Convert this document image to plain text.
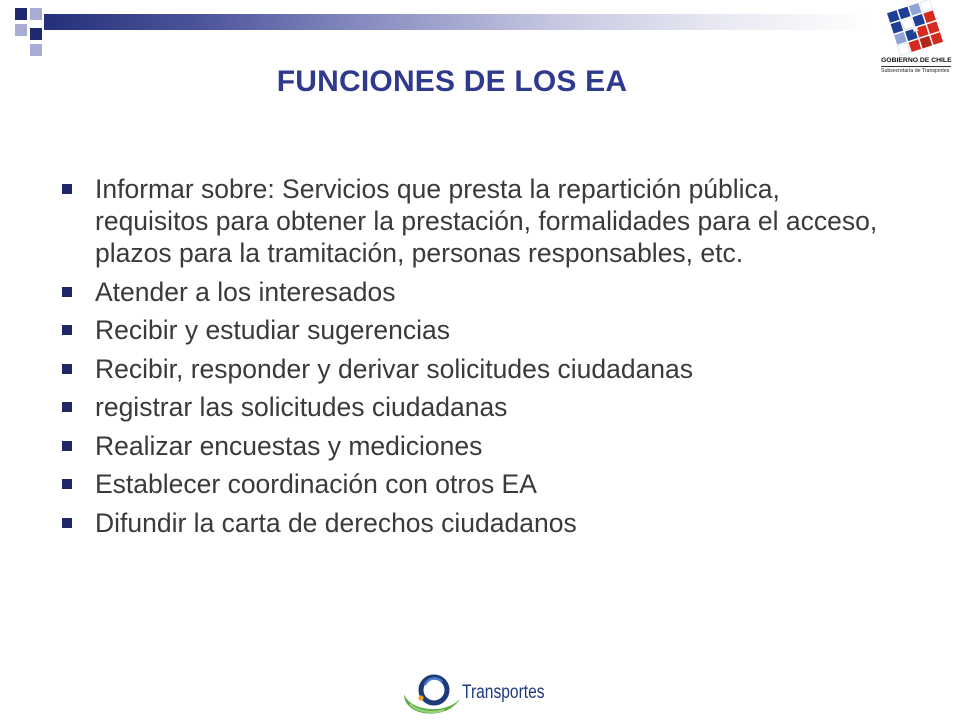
GOBIERNO DE CHILE
Subsecretaría de Transportes
FUNCIONES DE LOS EA
Informar sobre: Servicios que presta la repartición pública,
requisitos para obtener la prestación, formalidades para el acceso,
plazos para la tramitación, personas responsables, etc.
Atender a los interesados
Recibir y estudiar sugerencias
Recibir, responder y derivar solicitudes ciudadanas
registrar las solicitudes ciudadanas
Realizar encuestas y mediciones
Establecer coordinación con otros EA
Difundir la carta de derechos ciudadanos
Transportes
